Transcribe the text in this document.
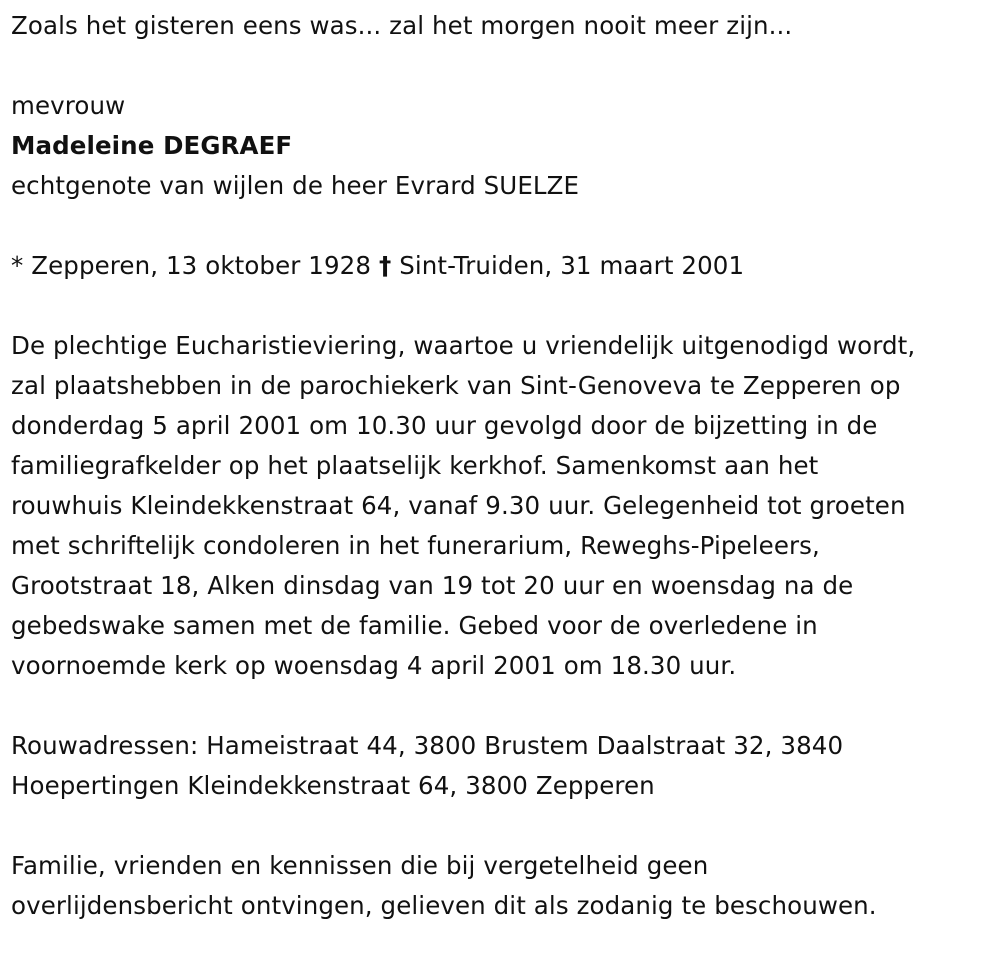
Zoals het gisteren eens was... zal het morgen nooit meer zijn...
mevrouw
Madeleine DEGRAEF
echtgenote van wijlen de heer Evrard SUELZE
* Zepperen, 13 oktober 1928 † Sint-Truiden, 31 maart 2001
De plechtige Eucharistieviering, waartoe u vriendelijk uitgenodigd wordt,
zal plaatshebben in de parochiekerk van Sint-Genoveva te Zepperen op
donderdag 5 april 2001 om 10.30 uur gevolgd door de bijzetting in de
familiegrafkelder op het plaatselijk kerkhof. Samenkomst aan het
rouwhuis Kleindekkenstraat 64, vanaf 9.30 uur. Gelegenheid tot groeten
met schriftelijk condoleren in het funerarium, Reweghs-Pipeleers,
Grootstraat 18, Alken dinsdag van 19 tot 20 uur en woensdag na de
gebedswake samen met de familie. Gebed voor de overledene in
voornoemde kerk op woensdag 4 april 2001 om 18.30 uur.
Rouwadressen: Hameistraat 44, 3800 Brustem Daalstraat 32, 3840
Hoepertingen Kleindekkenstraat 64, 3800 Zepperen
Familie, vrienden en kennissen die bij vergetelheid geen
overlijdensbericht ontvingen, gelieven dit als zodanig te beschouwen.
